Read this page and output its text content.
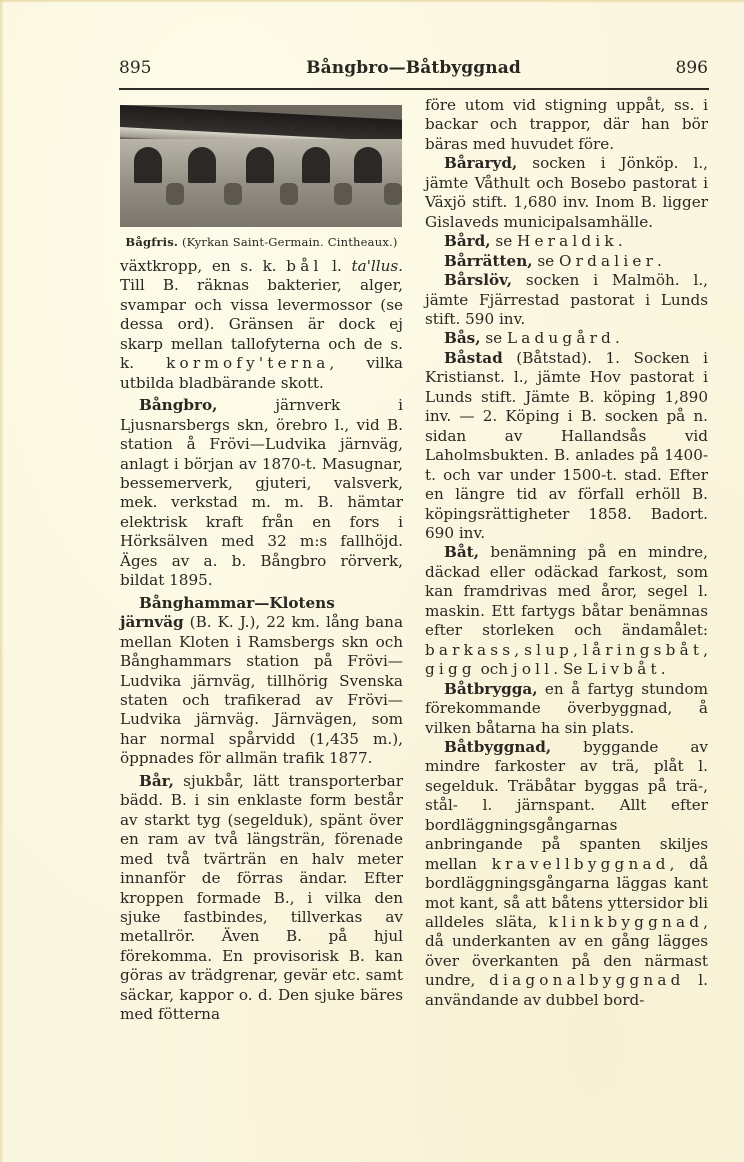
895	Bångbro—Båtbyggnad	896
Bågfris. (Kyrkan Saint-Germain. Cintheaux.)

växtkropp, en s. k. bål l. ta'llus. Till B. räknas bakterier, alger, svampar och vissa levermossor (se dessa ord). Gränsen är dock ej skarp mellan tallofyterna och de s. k. kormofy'terna, vilka utbilda bladbärande skott.

Bångbro, järnverk i Ljusnarsbergs skn, örebro l., vid B. station å Frövi—Ludvika järnväg, anlagt i början av 1870-t. Masugnar, bessemerverk, gjuteri, valsverk, mek. verkstad m. m. B. hämtar elektrisk kraft från en fors i Hörksälven med 32 m:s fallhöjd. Äges av a. b. Bångbro rörverk, bildat 1895.

Bånghammar—Klotens järnväg (B. K. J.), 22 km. lång bana mellan Kloten i Ramsbergs skn och Bånghammars station på Frövi—Ludvika järnväg, tillhörig Svenska staten och trafikerad av Frövi—Ludvika järnväg. Järnvägen, som har normal spårvidd (1,435 m.), öppnades för allmän trafik 1877.

Bår, sjukbår, lätt transporterbar bädd. B. i sin enklaste form består av starkt tyg (segelduk), spänt över en ram av två längsträn, förenade med två tvärträn en halv meter innanför de förras ändar. Efter kroppen formade B., i vilka den sjuke fastbindes, tillverkas av metallrör. Även B. på hjul förekomma. En provisorisk B. kan göras av trädgrenar, gevär etc. samt säckar, kappor o. d. Den sjuke bäres med fötterna

före utom vid stigning uppåt, ss. i backar och trappor, där han bör bäras med huvudet före.

Båraryd, socken i Jönköp. l., jämte Våthult och Bosebo pastorat i Växjö stift. 1,680 inv. Inom B. ligger Gislaveds municipalsamhälle.

Bård, se Heraldik.

Bårrätten, se Ordalier.

Bårslöv, socken i Malmöh. l., jämte Fjärrestad pastorat i Lunds stift. 590 inv.

Bås, se Ladugård.

Båstad (Båtstad). 1. Socken i Kristianst. l., jämte Hov pastorat i Lunds stift. Jämte B. köping 1,890 inv. — 2. Köping i B. socken på n. sidan av Hallandsås vid Laholmsbukten. B. anlades på 1400-t. och var under 1500-t. stad. Efter en längre tid av förfall erhöll B. köpingsrättigheter 1858. Badort. 690 inv.

Båt, benämning på en mindre, däckad eller odäckad farkost, som kan framdrivas med åror, segel l. maskin. Ett fartygs båtar benämnas efter storleken och ändamålet: barkass, slup, låringsbåt, gigg och joll. Se Livbåt.

Båtbrygga, en å fartyg stundom förekommande överbyggnad, å vilken båtarna ha sin plats.

Båtbyggnad, byggande av mindre farkoster av trä, plåt l. segelduk. Träbåtar byggas på trä-, stål- l. järnspant. Allt efter bordläggningsgångarnas anbringande på spanten skiljes mellan kravellbyggnad, då bordläggningsgångarna läggas kant mot kant, så att båtens yttersidor bli alldeles släta, klinkbyggnad, då underkanten av en gång lägges över överkanten på den närmast undre, diagonalbyggnad l. användande av dubbel bord-
